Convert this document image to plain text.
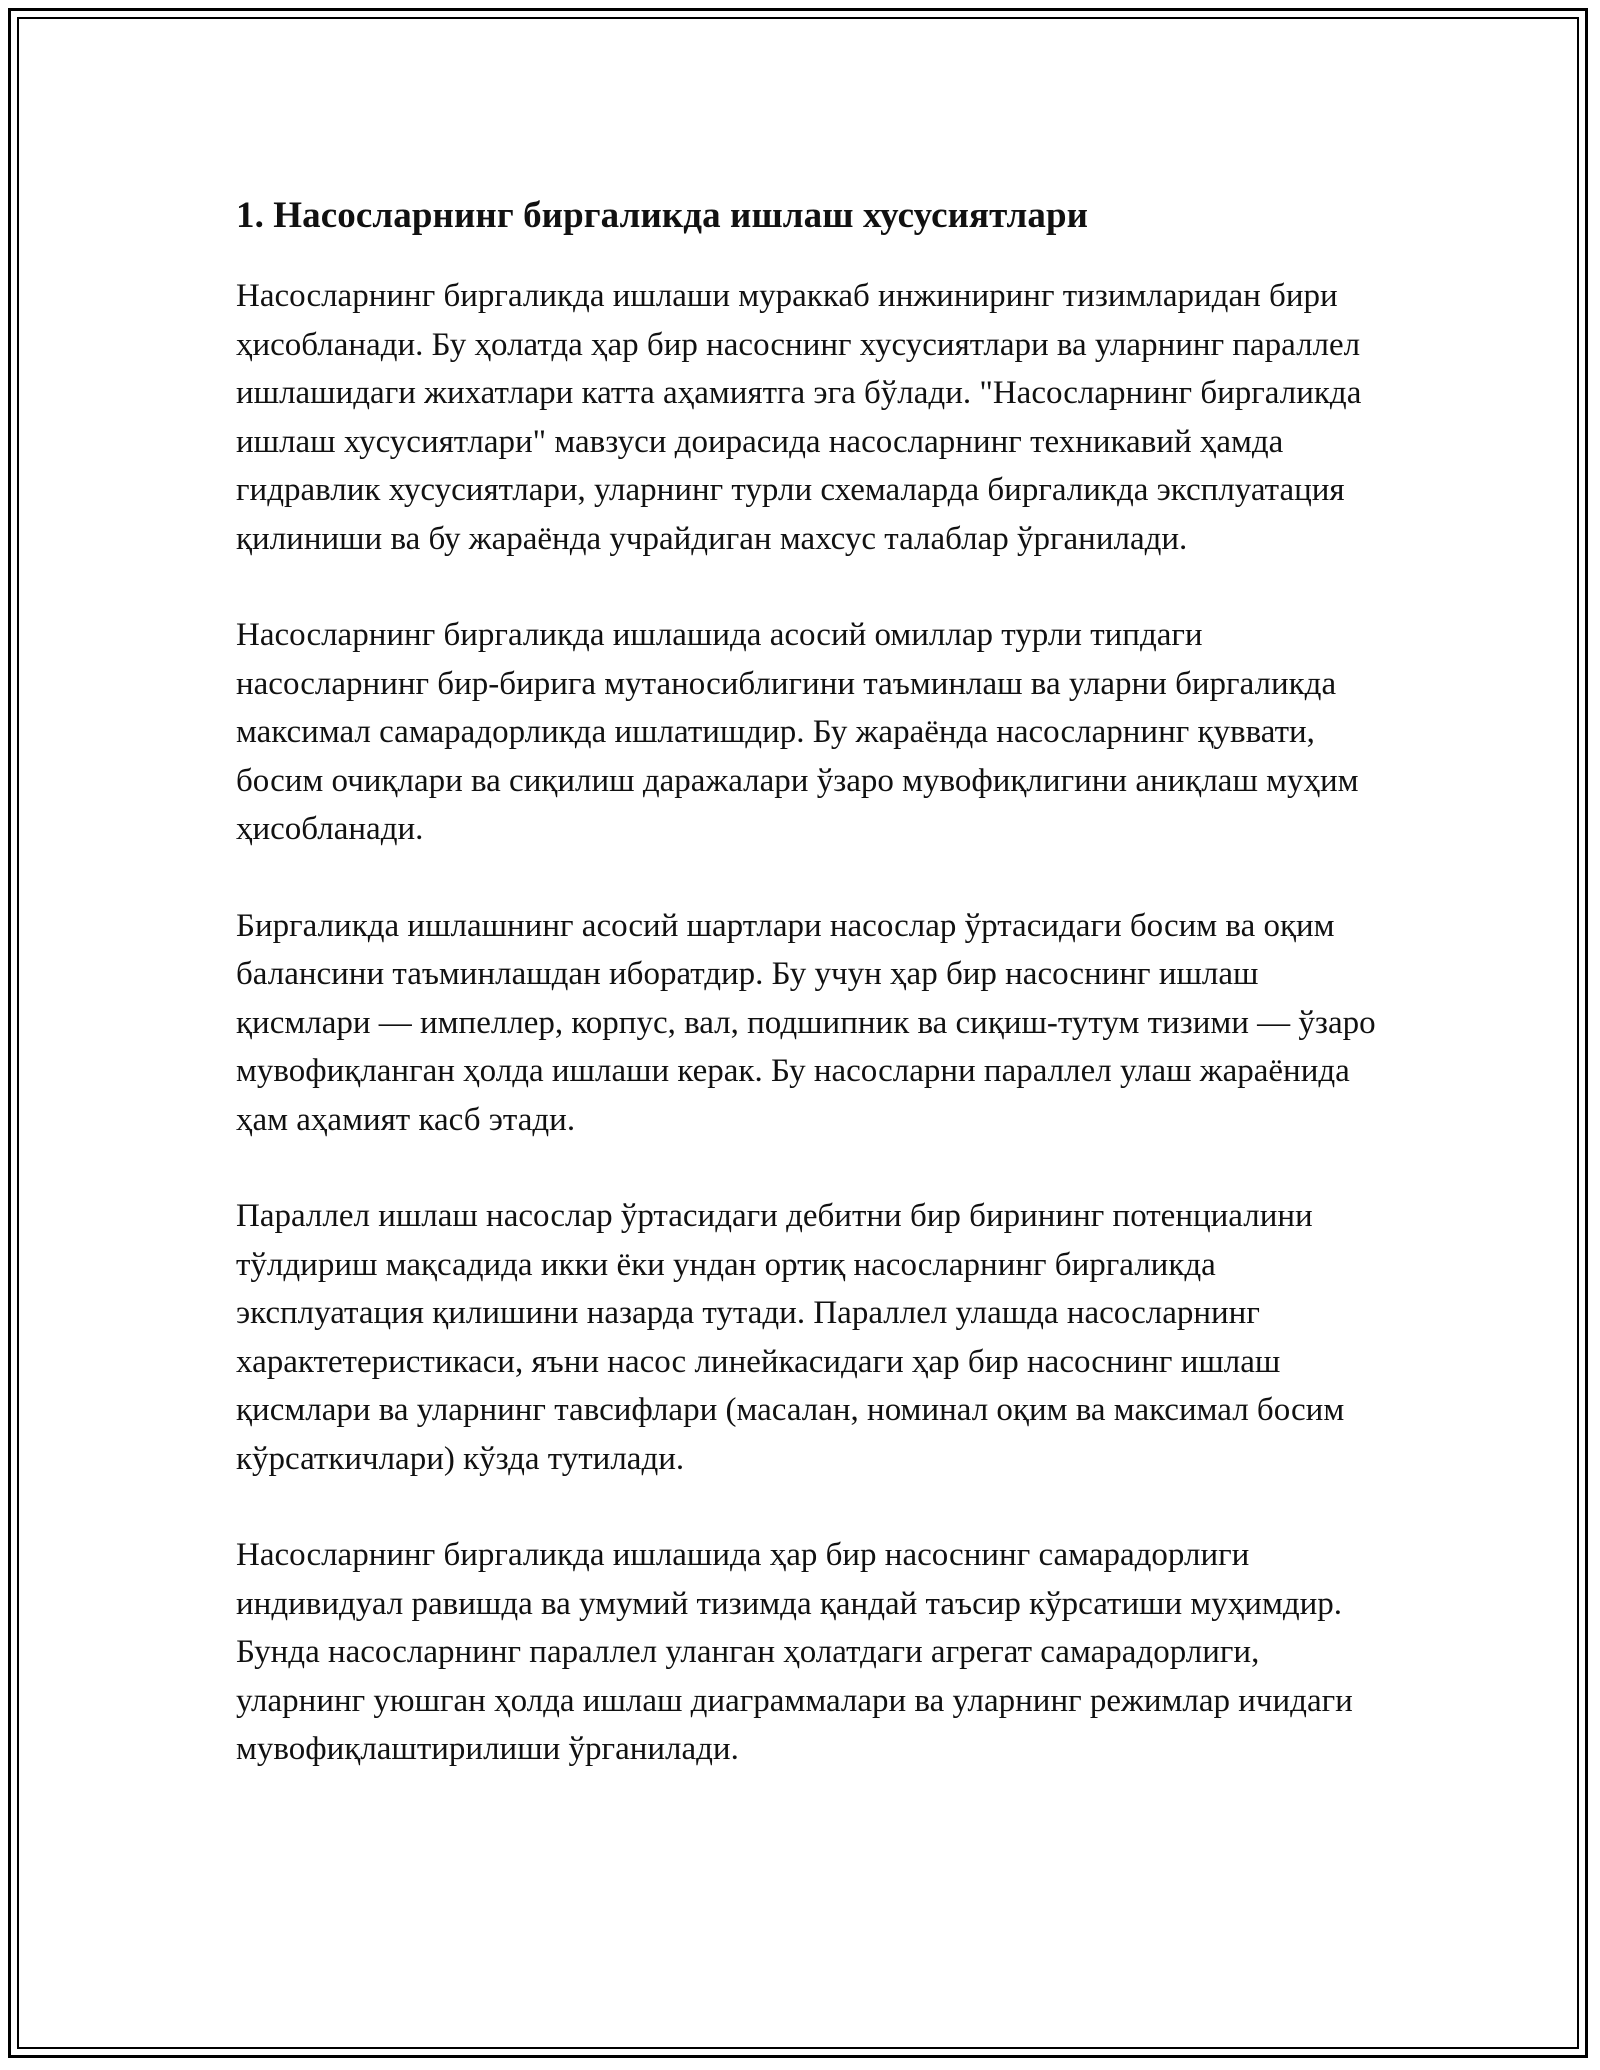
1. Насосларнинг биргаликда ишлаш хусусиятлари

Насосларнинг биргаликда ишлаши мураккаб инжиниринг тизимларидан бири ҳисобланади. Бу ҳолатда ҳар бир насоснинг хусусиятлари ва уларнинг параллел ишлашидаги жихатлари катта аҳамиятга эга бўлади. "Насосларнинг биргаликда ишлаш хусусиятлари" мавзуси доирасида насосларнинг техникавий ҳамда гидравлик хусусиятлари, уларнинг турли схемаларда биргаликда эксплуатация қилиниши ва бу жараёнда учрайдиган махсус талаблар ўрганилади.

Насосларнинг биргаликда ишлашида асосий омиллар турли типдаги насосларнинг бир-бирига мутаносиблигини таъминлаш ва уларни биргаликда максимал самарадорликда ишлатишдир. Бу жараёнда насосларнинг қуввати, босим очиқлари ва сиқилиш даражалари ўзаро мувофиқлигини аниқлаш муҳим ҳисобланади.

Биргаликда ишлашнинг асосий шартлари насослар ўртасидаги босим ва оқим балансини таъминлашдан иборатдир. Бу учун ҳар бир насоснинг ишлаш қисмлари — импеллер, корпус, вал, подшипник ва сиқиш-тутум тизими — ўзаро мувофиқланган ҳолда ишлаши керак. Бу насосларни параллел улаш жараёнида ҳам аҳамият касб этади.

Параллел ишлаш насослар ўртасидаги дебитни бир бирининг потенциалини тўлдириш мақсадида икки ёки ундан ортиқ насосларнинг биргаликда эксплуатация қилишини назарда тутади. Параллел улашда насосларнинг характетеристикаси, яъни насос линейкасидаги ҳар бир насоснинг ишлаш қисмлари ва уларнинг тавсифлари (масалан, номинал оқим ва максимал босим кўрсаткичлари) кўзда тутилади.

Насосларнинг биргаликда ишлашида ҳар бир насоснинг самарадорлиги индивидуал равишда ва умумий тизимда қандай таъсир кўрсатиши муҳимдир. Бунда насосларнинг параллел уланган ҳолатдаги агрегат самарадорлиги, уларнинг уюшган ҳолда ишлаш диаграммалари ва уларнинг режимлар ичидаги мувофиқлаштирилиши ўрганилади.
